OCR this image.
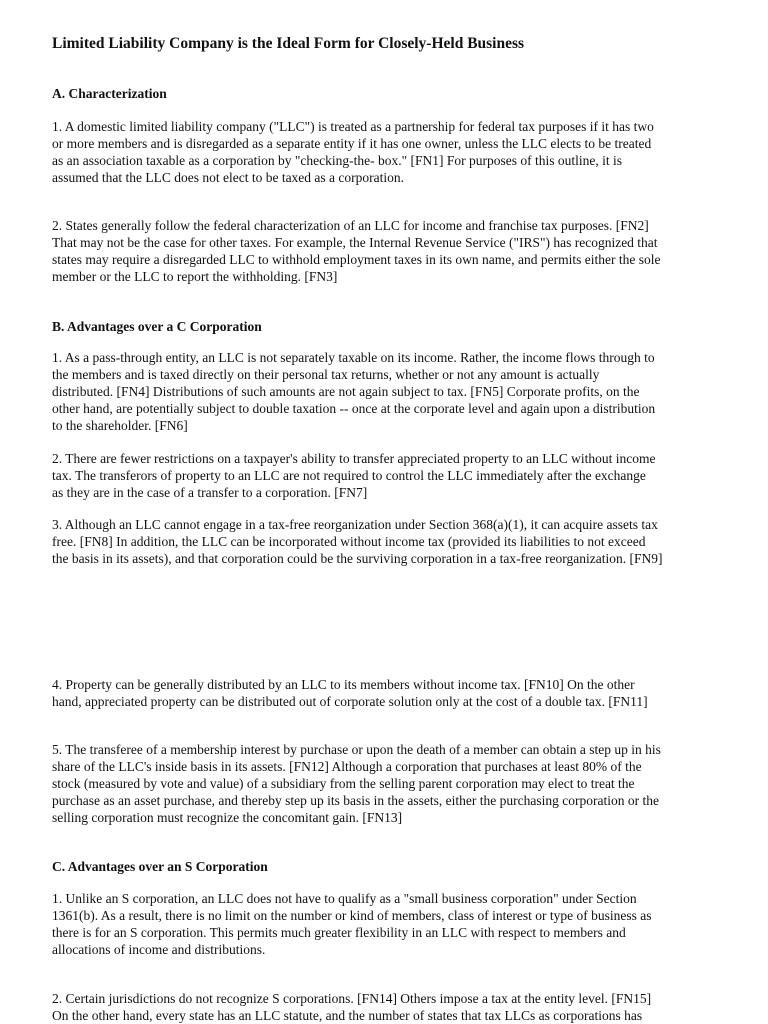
Limited Liability Company is the Ideal Form for Closely-Held Business
A. Characterization

1. A domestic limited liability company ("LLC") is treated as a partnership for federal tax purposes if it has two
or more members and is disregarded as a separate entity if it has one owner, unless the LLC elects to be treated
as an association taxable as a corporation by "checking-the- box." [FN1] For purposes of this outline, it is
assumed that the LLC does not elect to be taxed as a corporation.

2. States generally follow the federal characterization of an LLC for income and franchise tax purposes. [FN2]
That may not be the case for other taxes. For example, the Internal Revenue Service ("IRS") has recognized that
states may require a disregarded LLC to withhold employment taxes in its own name, and permits either the sole
member or the LLC to report the withholding. [FN3]

B. Advantages over a C Corporation

1. As a pass-through entity, an LLC is not separately taxable on its income. Rather, the income flows through to
the members and is taxed directly on their personal tax returns, whether or not any amount is actually
distributed. [FN4] Distributions of such amounts are not again subject to tax. [FN5] Corporate profits, on the
other hand, are potentially subject to double taxation -- once at the corporate level and again upon a distribution
to the shareholder. [FN6]

2. There are fewer restrictions on a taxpayer's ability to transfer appreciated property to an LLC without income
tax. The transferors of property to an LLC are not required to control the LLC immediately after the exchange
as they are in the case of a transfer to a corporation. [FN7]

3. Although an LLC cannot engage in a tax-free reorganization under Section 368(a)(1), it can acquire assets tax
free. [FN8] In addition, the LLC can be incorporated without income tax (provided its liabilities to not exceed
the basis in its assets), and that corporation could be the surviving corporation in a tax-free reorganization. [FN9]

4. Property can be generally distributed by an LLC to its members without income tax. [FN10] On the other
hand, appreciated property can be distributed out of corporate solution only at the cost of a double tax. [FN11]

5. The transferee of a membership interest by purchase or upon the death of a member can obtain a step up in his
share of the LLC's inside basis in its assets. [FN12] Although a corporation that purchases at least 80% of the
stock (measured by vote and value) of a subsidiary from the selling parent corporation may elect to treat the
purchase as an asset purchase, and thereby step up its basis in the assets, either the purchasing corporation or the
selling corporation must recognize the concomitant gain. [FN13]

C. Advantages over an S Corporation

1. Unlike an S corporation, an LLC does not have to qualify as a "small business corporation" under Section
1361(b). As a result, there is no limit on the number or kind of members, class of interest or type of business as
there is for an S corporation. This permits much greater flexibility in an LLC with respect to members and
allocations of income and distributions.

2. Certain jurisdictions do not recognize S corporations. [FN14] Others impose a tax at the entity level. [FN15]
On the other hand, every state has an LLC statute, and the number of states that tax LLCs as corporations has
